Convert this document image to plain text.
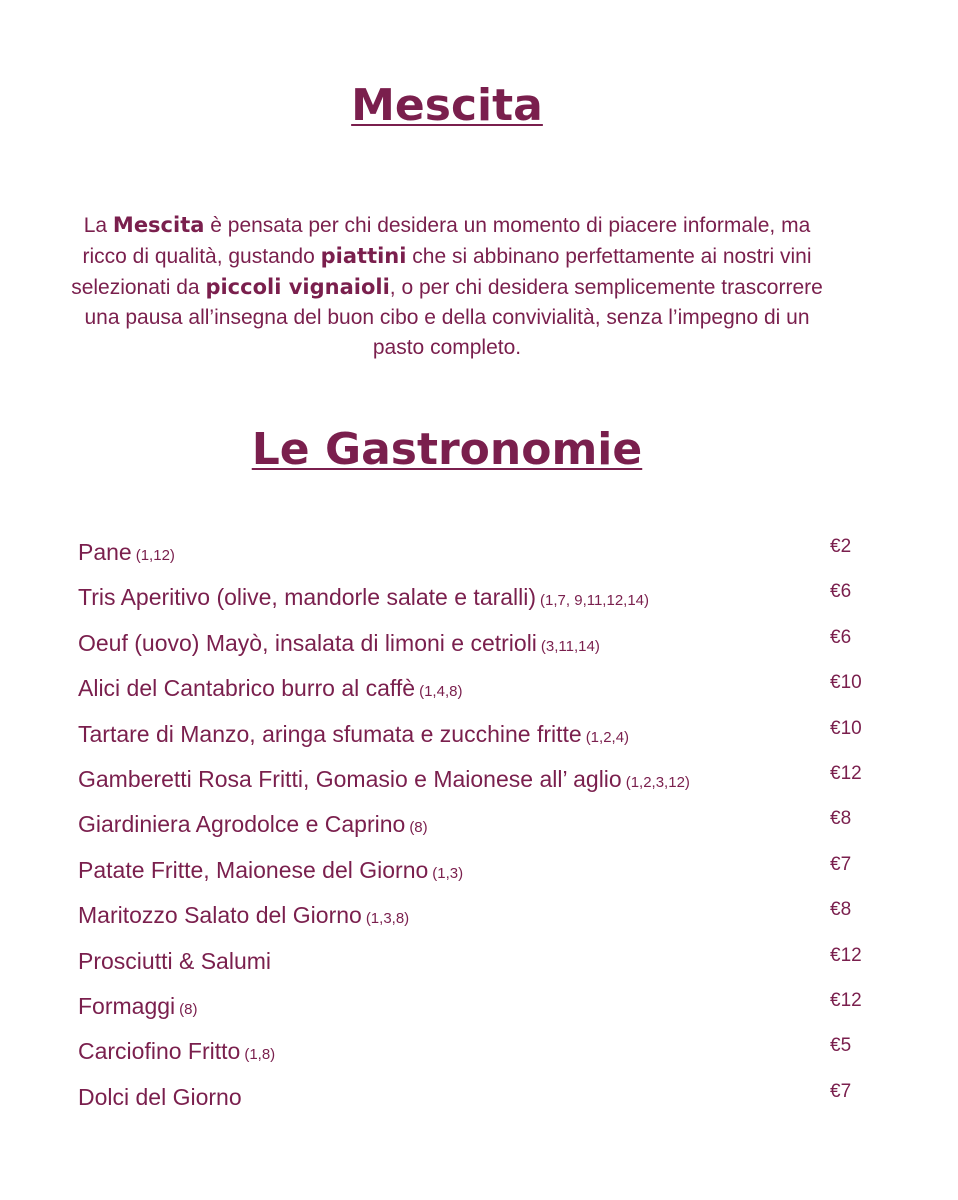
Mescita

La Mescita è pensata per chi desidera un momento di piacere informale, ma ricco di qualità, gustando piattini che si abbinano perfettamente ai nostri vini selezionati da piccoli vignaioli, o per chi desidera semplicemente trascorrere una pausa all’insegna del buon cibo e della convivialità, senza l’impegno di un pasto completo.

Le Gastronomie
Pane (1,12)	€2
Tris Aperitivo (olive, mandorle salate e taralli) (1,7, 9,11,12,14)	€6
Oeuf (uovo) Mayò, insalata di limoni e cetrioli (3,11,14)	€6
Alici del Cantabrico burro al caffè (1,4,8)	€10
Tartare di Manzo, aringa sfumata e zucchine fritte (1,2,4)	€10
Gamberetti Rosa Fritti, Gomasio e Maionese all’ aglio (1,2,3,12)	€12
Giardiniera Agrodolce e Caprino (8)	€8
Patate Fritte, Maionese del Giorno (1,3)	€7
Maritozzo Salato del Giorno (1,3,8)	€8
Prosciutti & Salumi	€12
Formaggi (8)	€12
Carciofino Fritto (1,8)	€5
Dolci del Giorno	€7
